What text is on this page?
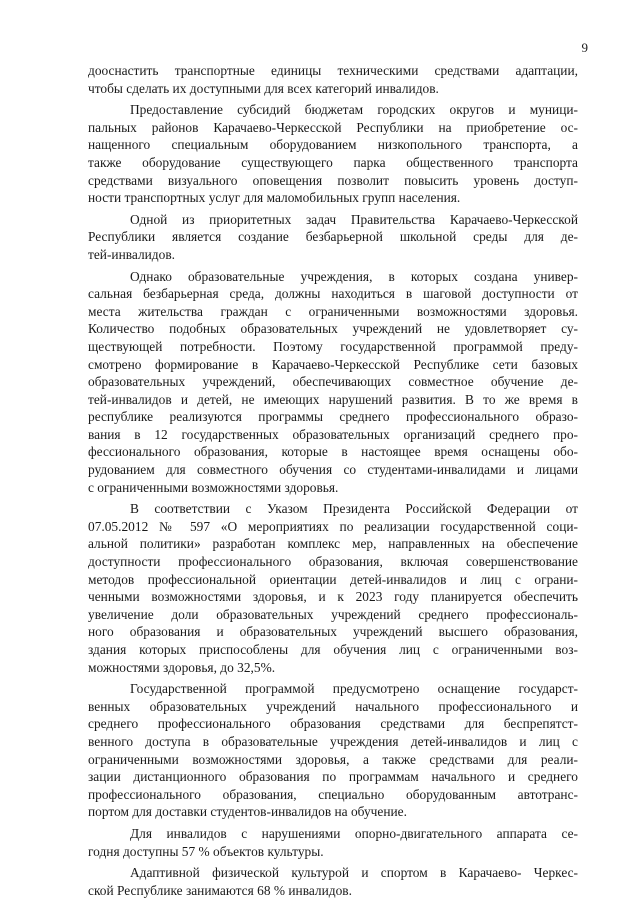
9
дооснастить транспортные единицы техническими средствами адаптации,
чтобы сделать их доступными для всех категорий инвалидов.
Предоставление субсидий бюджетам городских округов и муници-
пальных районов Карачаево-Черкесской Республики на приобретение ос-
нащенного специальным оборудованием низкопольного транспорта, а
также оборудование существующего парка общественного транспорта
средствами визуального оповещения позволит повысить уровень доступ-
ности транспортных услуг для маломобильных групп населения.
Одной из приоритетных задач Правительства Карачаево-Черкесской
Республики является создание безбарьерной школьной среды для де-
тей-инвалидов.
Однако образовательные учреждения, в которых создана универ-
сальная безбарьерная среда, должны находиться в шаговой доступности от
места жительства граждан с ограниченными возможностями здоровья.
Количество подобных образовательных учреждений не удовлетворяет су-
ществующей потребности. Поэтому государственной программой преду-
смотрено формирование в Карачаево-Черкесской Республике сети базовых
образовательных учреждений, обеспечивающих совместное обучение де-
тей-инвалидов и детей, не имеющих нарушений развития. В то же время в
республике реализуются программы среднего профессионального образо-
вания в 12 государственных образовательных организаций среднего про-
фессионального образования, которые в настоящее время оснащены обо-
рудованием для совместного обучения со студентами-инвалидами и лицами
с ограниченными возможностями здоровья.
В соответствии с Указом Президента Российской Федерации от
07.05.2012 № 597 «О мероприятиях по реализации государственной соци-
альной политики» разработан комплекс мер, направленных на обеспечение
доступности профессионального образования, включая совершенствование
методов профессиональной ориентации детей-инвалидов и лиц с ограни-
ченными возможностями здоровья, и к 2023 году планируется обеспечить
увеличение доли образовательных учреждений среднего профессиональ-
ного образования и образовательных учреждений высшего образования,
здания которых приспособлены для обучения лиц с ограниченными воз-
можностями здоровья, до 32,5%.
Государственной программой предусмотрено оснащение государст-
венных образовательных учреждений начального профессионального и
среднего профессионального образования средствами для беспрепятст-
венного доступа в образовательные учреждения детей-инвалидов и лиц с
ограниченными возможностями здоровья, а также средствами для реали-
зации дистанционного образования по программам начального и среднего
профессионального образования, специально оборудованным автотранс-
портом для доставки студентов-инвалидов на обучение.
Для инвалидов с нарушениями опорно-двигательного аппарата се-
годня доступны 57 % объектов культуры.
Адаптивной физической культурой и спортом в Карачаево- Черкес-
ской Республике занимаются 68 % инвалидов.
